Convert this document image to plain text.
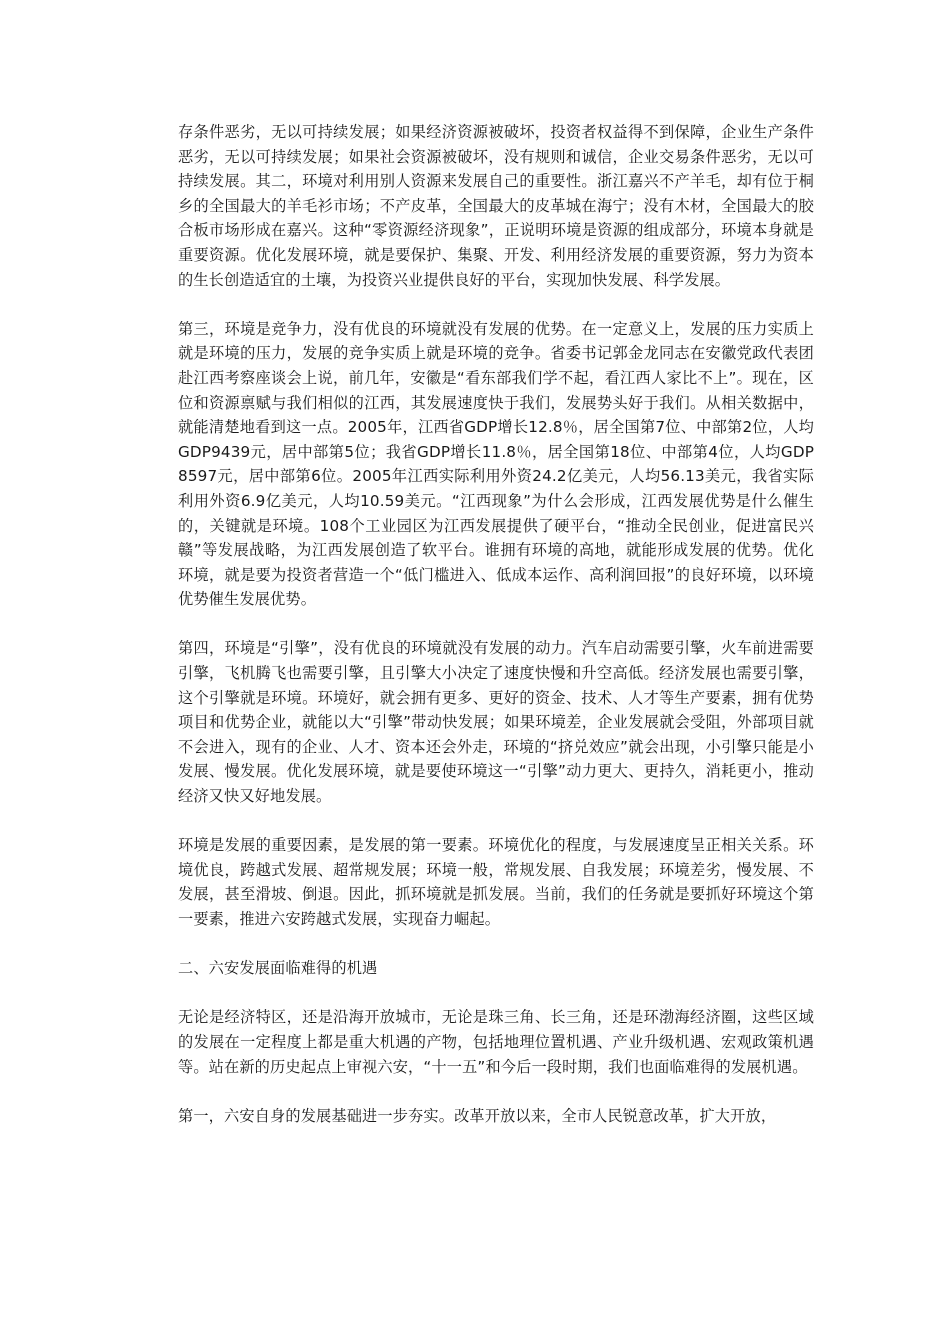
存条件恶劣，无以可持续发展；如果经济资源被破坏，投资者权益得不到保障，企业生产条件恶劣，无以可持续发展；如果社会资源被破坏，没有规则和诚信，企业交易条件恶劣，无以可持续发展。其二，环境对利用别人资源来发展自己的重要性。浙江嘉兴不产羊毛，却有位于桐乡的全国最大的羊毛衫市场；不产皮革，全国最大的皮革城在海宁；没有木材，全国最大的胶合板市场形成在嘉兴。这种“零资源经济现象”，正说明环境是资源的组成部分，环境本身就是重要资源。优化发展环境，就是要保护、集聚、开发、利用经济发展的重要资源，努力为资本的生长创造适宜的土壤，为投资兴业提供良好的平台，实现加快发展、科学发展。

第三，环境是竞争力，没有优良的环境就没有发展的优势。在一定意义上，发展的压力实质上就是环境的压力，发展的竞争实质上就是环境的竞争。省委书记郭金龙同志在安徽党政代表团赴江西考察座谈会上说，前几年，安徽是“看东部我们学不起，看江西人家比不上”。现在，区位和资源禀赋与我们相似的江西，其发展速度快于我们，发展势头好于我们。从相关数据中，就能清楚地看到这一点。2005年，江西省GDP增长12.8％，居全国第7位、中部第2位，人均GDP9439元，居中部第5位；我省GDP增长11.8％，居全国第18位、中部第4位，人均GDP8597元，居中部第6位。2005年江西实际利用外资24.2亿美元，人均56.13美元，我省实际利用外资6.9亿美元，人均10.59美元。“江西现象”为什么会形成，江西发展优势是什么催生的，关键就是环境。108个工业园区为江西发展提供了硬平台，“推动全民创业，促进富民兴赣”等发展战略，为江西发展创造了软平台。谁拥有环境的高地，就能形成发展的优势。优化环境，就是要为投资者营造一个“低门槛进入、低成本运作、高利润回报”的良好环境，以环境优势催生发展优势。

第四，环境是“引擎”，没有优良的环境就没有发展的动力。汽车启动需要引擎，火车前进需要引擎，飞机腾飞也需要引擎，且引擎大小决定了速度快慢和升空高低。经济发展也需要引擎，这个引擎就是环境。环境好，就会拥有更多、更好的资金、技术、人才等生产要素，拥有优势项目和优势企业，就能以大“引擎”带动快发展；如果环境差，企业发展就会受阻，外部项目就不会进入，现有的企业、人才、资本还会外走，环境的“挤兑效应”就会出现，小引擎只能是小发展、慢发展。优化发展环境，就是要使环境这一“引擎”动力更大、更持久，消耗更小，推动经济又快又好地发展。

环境是发展的重要因素，是发展的第一要素。环境优化的程度，与发展速度呈正相关关系。环境优良，跨越式发展、超常规发展；环境一般，常规发展、自我发展；环境差劣，慢发展、不发展，甚至滑坡、倒退。因此，抓环境就是抓发展。当前，我们的任务就是要抓好环境这个第一要素，推进六安跨越式发展，实现奋力崛起。

二、六安发展面临难得的机遇

无论是经济特区，还是沿海开放城市，无论是珠三角、长三角，还是环渤海经济圈，这些区域的发展在一定程度上都是重大机遇的产物，包括地理位置机遇、产业升级机遇、宏观政策机遇等。站在新的历史起点上审视六安，“十一五”和今后一段时期，我们也面临难得的发展机遇。

第一，六安自身的发展基础进一步夯实。改革开放以来，全市人民锐意改革，扩大开放，
